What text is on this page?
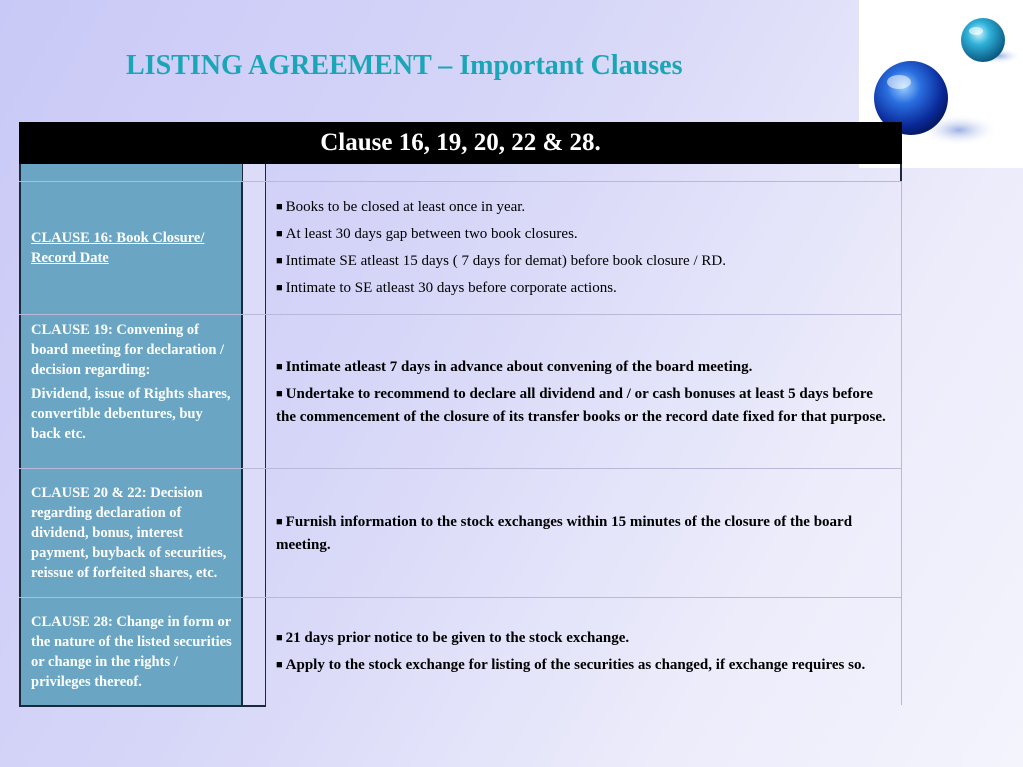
LISTING AGREEMENT – Important Clauses
Clause 16, 19, 20, 22 & 28.

CLAUSE 16: Book Closure/ Record Date

■ Books to be closed at least once in year.
■ At least 30 days gap between two book closures.
■ Intimate SE atleast 15 days ( 7 days for demat) before book closure / RD.
■ Intimate to SE atleast 30 days before corporate actions.

CLAUSE 19: Convening of board meeting for declaration / decision regarding:

Dividend, issue of Rights shares, convertible debentures, buy back etc.

■ Intimate atleast 7 days in advance about convening of the board meeting.
■ Undertake to recommend to declare all dividend and / or cash bonuses at least 5 days before the commencement of the closure of its transfer books or the record date fixed for that purpose.

CLAUSE 20 & 22: Decision regarding declaration of dividend, bonus, interest payment, buyback of securities, reissue of forfeited shares, etc.

■ Furnish information to the stock exchanges within 15 minutes of the closure of the board meeting.

CLAUSE 28: Change in form or the nature of the listed securities or change in the rights / privileges thereof.

■ 21 days prior notice to be given to the stock exchange.
■ Apply to the stock exchange for listing of the securities as changed, if exchange requires so.
